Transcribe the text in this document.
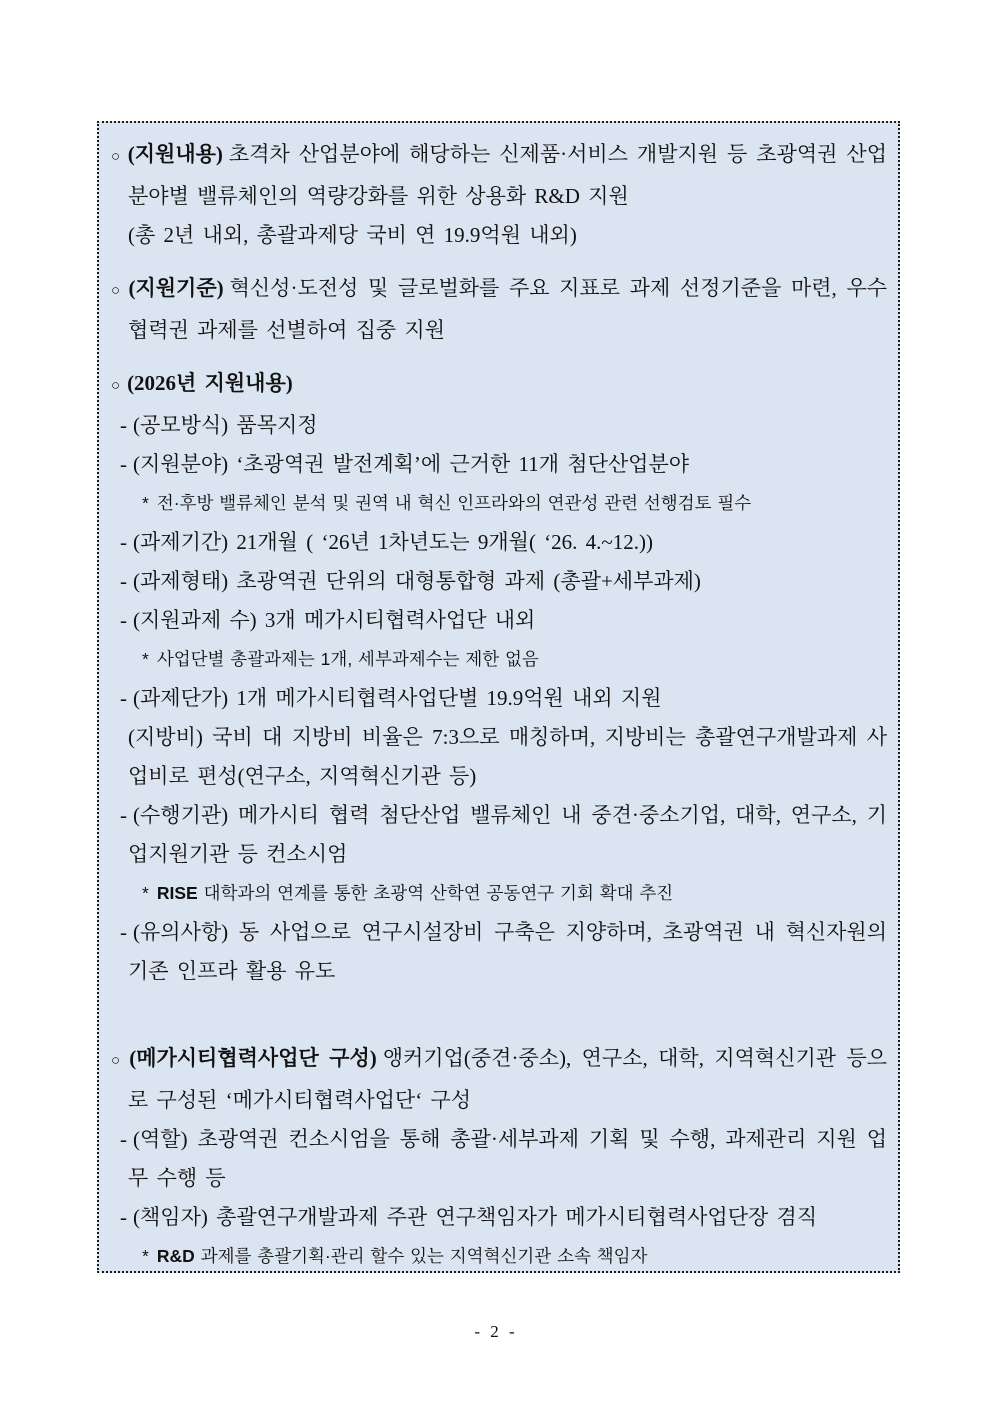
○ (지원내용) 초격차 산업분야에 해당하는 신제품·서비스 개발지원 등 초광역권 산업분야별 밸류체인의 역량강화를 위한 상용화 R&D 지원

(총 2년 내외, 총괄과제당 국비 연 19.9억원 내외)

○ (지원기준) 혁신성·도전성 및 글로벌화를 주요 지표로 과제 선정기준을 마련, 우수 협력권 과제를 선별하여 집중 지원

○ (2026년 지원내용)

- (공모방식) 품목지정

- (지원분야) ‘초광역권 발전계획’에 근거한 11개 첨단산업분야

* 전·후방 밸류체인 분석 및 권역 내 혁신 인프라와의 연관성 관련 선행검토 필수

- (과제기간) 21개월 ( ‘26년 1차년도는 9개월( ‘26. 4.~12.))

- (과제형태) 초광역권 단위의 대형통합형 과제 (총괄+세부과제)

- (지원과제 수) 3개 메가시티협력사업단 내외

* 사업단별 총괄과제는 1개, 세부과제수는 제한 없음

- (과제단가) 1개 메가시티협력사업단별 19.9억원 내외 지원

(지방비) 국비 대 지방비 비율은 7:3으로 매칭하며, 지방비는 총괄연구개발과제 사업비로 편성(연구소, 지역혁신기관 등)

- (수행기관) 메가시티 협력 첨단산업 밸류체인 내 중견·중소기업, 대학, 연구소, 기업지원기관 등 컨소시엄

* RISE 대학과의 연계를 통한 초광역 산학연 공동연구 기회 확대 추진

- (유의사항) 동 사업으로 연구시설장비 구축은 지양하며, 초광역권 내 혁신자원의 기존 인프라 활용 유도

○ (메가시티협력사업단 구성) 앵커기업(중견·중소), 연구소, 대학, 지역혁신기관 등으로 구성된 ‘메가시티협력사업단‘ 구성

- (역할) 초광역권 컨소시엄을 통해 총괄·세부과제 기획 및 수행, 과제관리 지원 업무 수행 등

- (책임자) 총괄연구개발과제 주관 연구책임자가 메가시티협력사업단장 겸직

* R&D 과제를 총괄기획·관리 할수 있는 지역혁신기관 소속 책임자

- 2 -
